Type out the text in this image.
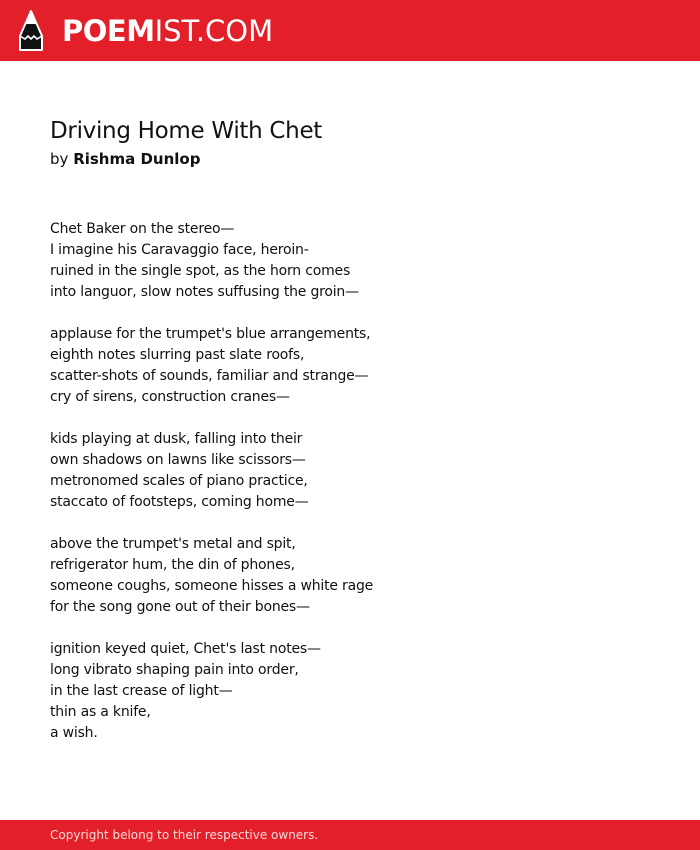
POEMIST.COM
Driving Home With Chet
by Rishma Dunlop
Chet Baker on the stereo—
I imagine his Caravaggio face, heroin-
ruined in the single spot, as the horn comes
into languor, slow notes suffusing the groin—
applause for the trumpet's blue arrangements,
eighth notes slurring past slate roofs,
scatter-shots of sounds, familiar and strange—
cry of sirens, construction cranes—
kids playing at dusk, falling into their
own shadows on lawns like scissors—
metronomed scales of piano practice,
staccato of footsteps, coming home—
above the trumpet's metal and spit,
refrigerator hum, the din of phones,
someone coughs, someone hisses a white rage
for the song gone out of their bones—
ignition keyed quiet, Chet's last notes—
long vibrato shaping pain into order,
in the last crease of light—
thin as a knife,
a wish.
Copyright belong to their respective owners.
